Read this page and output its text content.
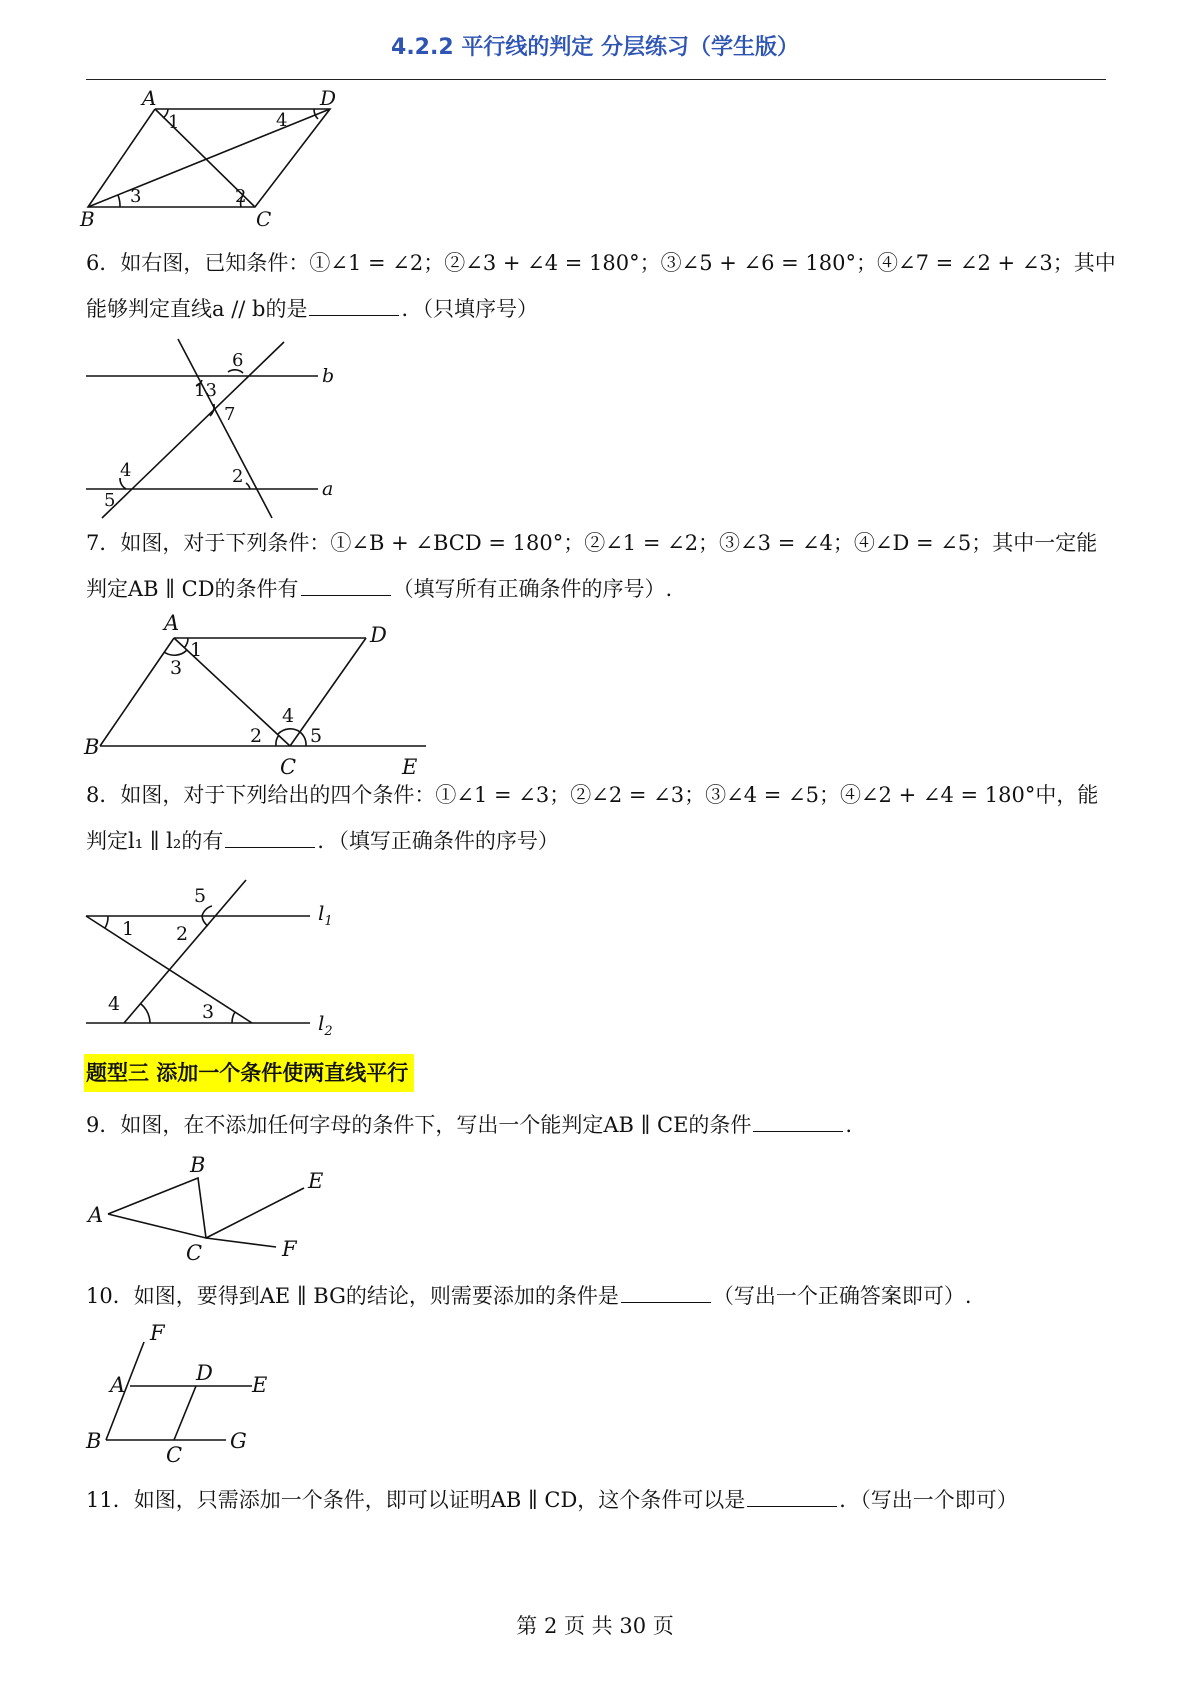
4.2.2 平行线的判定 分层练习（学生版）
A	D
B	C
1	4
3	2
6．如右图，已知条件：①∠1 = ∠2；②∠3 + ∠4 = 180°；③∠5 + ∠6 = 180°；④∠7 = ∠2 + ∠3；其中能够判定直线a // b的是	．（只填序号）
b
a
6
13
7
4
5
2
7．如图，对于下列条件：①∠B + ∠BCD = 180°；②∠1 = ∠2；③∠3 = ∠4；④∠D = ∠5；其中一定能判定AB ∥ CD的条件有	（填写所有正确条件的序号）.
A	D
B
C	E
1
3
2
4
5
8．如图，对于下列给出的四个条件：①∠1 = ∠3；②∠2 = ∠3；③∠4 = ∠5；④∠2 + ∠4 = 180°中，能判定l₁ ∥ l₂的有	．（填写正确条件的序号）
$l_1$
$l_2$
5
1 2
4	3
题型三 添加一个条件使两直线平行
9．如图，在不添加任何字母的条件下，写出一个能判定AB ∥ CE的条件	.
A
B
C
E
F
10．如图，要得到AE ∥ BG的结论，则需要添加的条件是	（写出一个正确答案即可）.
F
A	D E
B
C
G
11．如图，只需添加一个条件，即可以证明AB ∥ CD，这个条件可以是	．（写出一个即可）
第 2 页 共 30 页
